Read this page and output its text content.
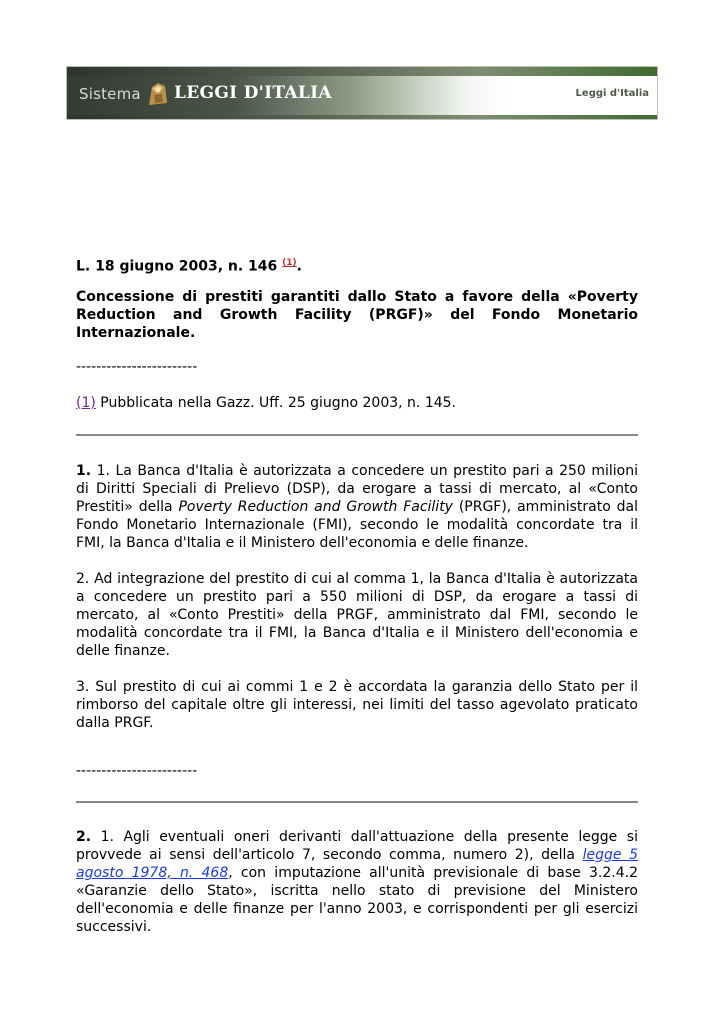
Sistema LEGGI D'ITALIA	Leggi d'Italia
L. 18 giugno 2003, n. 146 $^{(1)}$.
Concessione di prestiti garantiti dallo Stato a favore della «Poverty Reduction and Growth Facility (PRGF)» del Fondo Monetario Internazionale.
------------------------
(1) Pubblicata nella Gazz. Uff. 25 giugno 2003, n. 145.

1. 1. La Banca d'Italia è autorizzata a concedere un prestito pari a 250 milioni di Diritti Speciali di Prelievo (DSP), da erogare a tassi di mercato, al «Conto Prestiti» della Poverty Reduction and Growth Facility (PRGF), amministrato dal Fondo Monetario Internazionale (FMI), secondo le modalità concordate tra il FMI, la Banca d'Italia e il Ministero dell'economia e delle finanze.

2. Ad integrazione del prestito di cui al comma 1, la Banca d'Italia è autorizzata a concedere un prestito pari a 550 milioni di DSP, da erogare a tassi di mercato, al «Conto Prestiti» della PRGF, amministrato dal FMI, secondo le modalità concordate tra il FMI, la Banca d'Italia e il Ministero dell'economia e delle finanze.

3. Sul prestito di cui ai commi 1 e 2 è accordata la garanzia dello Stato per il rimborso del capitale oltre gli interessi, nei limiti del tasso agevolato praticato dalla PRGF.

------------------------

2. 1. Agli eventuali oneri derivanti dall'attuazione della presente legge si provvede ai sensi dell'articolo 7, secondo comma, numero 2), della legge 5 agosto 1978, n. 468, con imputazione all'unità previsionale di base 3.2.4.2 «Garanzie dello Stato», iscritta nello stato di previsione del Ministero dell'economia e delle finanze per l'anno 2003, e corrispondenti per gli esercizi successivi.
